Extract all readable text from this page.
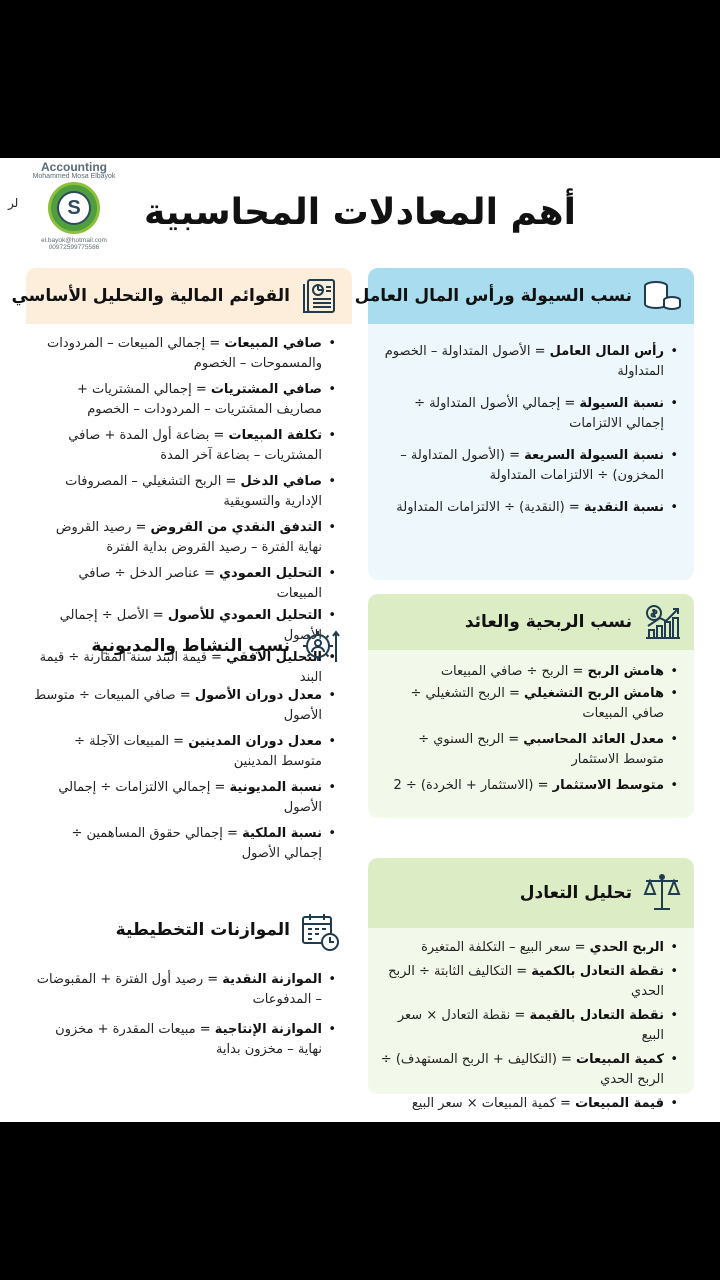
Accounting
Mohammed Mosa Elbayok
S
el.bayok@hotmail.com
00972599775586
لر	أهم المعادلات المحاسبية
نسب السيولة ورأس المال العامل
• رأس المال العامل = الأصول المتداولة – الخصوم المتداولة
• نسبة السيولة = إجمالي الأصول المتداولة ÷ إجمالي الالتزامات
• نسبة السيولة السريعة = (الأصول المتداولة – المخزون) ÷ الالتزامات المتداولة
• نسبة النقدية = (النقدية) ÷ الالتزامات المتداولة
القوائم المالية والتحليل الأساسي
• صافي المبيعات = إجمالي المبيعات – المردودات والمسموحات – الخصوم
• صافي المشتريات = إجمالي المشتريات + مصاريف المشتريات – المردودات – الخصوم
• تكلفة المبيعات = بضاعة أول المدة + صافي المشتريات – بضاعة آخر المدة
• صافي الدخل = الربح التشغيلي – المصروفات الإدارية والتسويقية
• التدفق النقدي من القروض = رصيد القروض نهاية الفترة – رصيد القروض بداية الفترة
• التحليل العمودي = عناصر الدخل ÷ صافي المبيعات
• التحليل العمودي للأصول = الأصل ÷ إجمالي الأصول
• التحليل الأفقي = قيمة البند سنة المقارنة ÷ قيمة البند
نسب الربحية والعائد
• هامش الربح = الربح ÷ صافي المبيعات
• هامش الربح التشغيلي = الربح التشغيلي ÷ صافي المبيعات
• معدل العائد المحاسبي = الربح السنوي ÷ متوسط الاستثمار
• متوسط الاستثمار = (الاستثمار + الخردة) ÷ 2
نسب النشاط والمديونية
• معدل دوران الأصول = صافي المبيعات ÷ متوسط الأصول
• معدل دوران المدينين = المبيعات الآجلة ÷ متوسط المدينين
• نسبة المديونية = إجمالي الالتزامات ÷ إجمالي الأصول
• نسبة الملكية = إجمالي حقوق المساهمين ÷ إجمالي الأصول
تحليل التعادل
• الربح الحدي = سعر البيع – التكلفة المتغيرة
• نقطة التعادل بالكمية = التكاليف الثابتة ÷ الربح الحدي
• نقطة التعادل بالقيمة = نقطة التعادل × سعر البيع
• كمية المبيعات = (التكاليف + الربح المستهدف) ÷ الربح الحدي
• قيمة المبيعات = كمية المبيعات × سعر البيع
الموازنات التخطيطية
• الموازنة النقدية = رصيد أول الفترة + المقبوضات – المدفوعات
• الموازنة الإنتاجية = مبيعات المقدرة + مخزون نهاية – مخزون بداية
